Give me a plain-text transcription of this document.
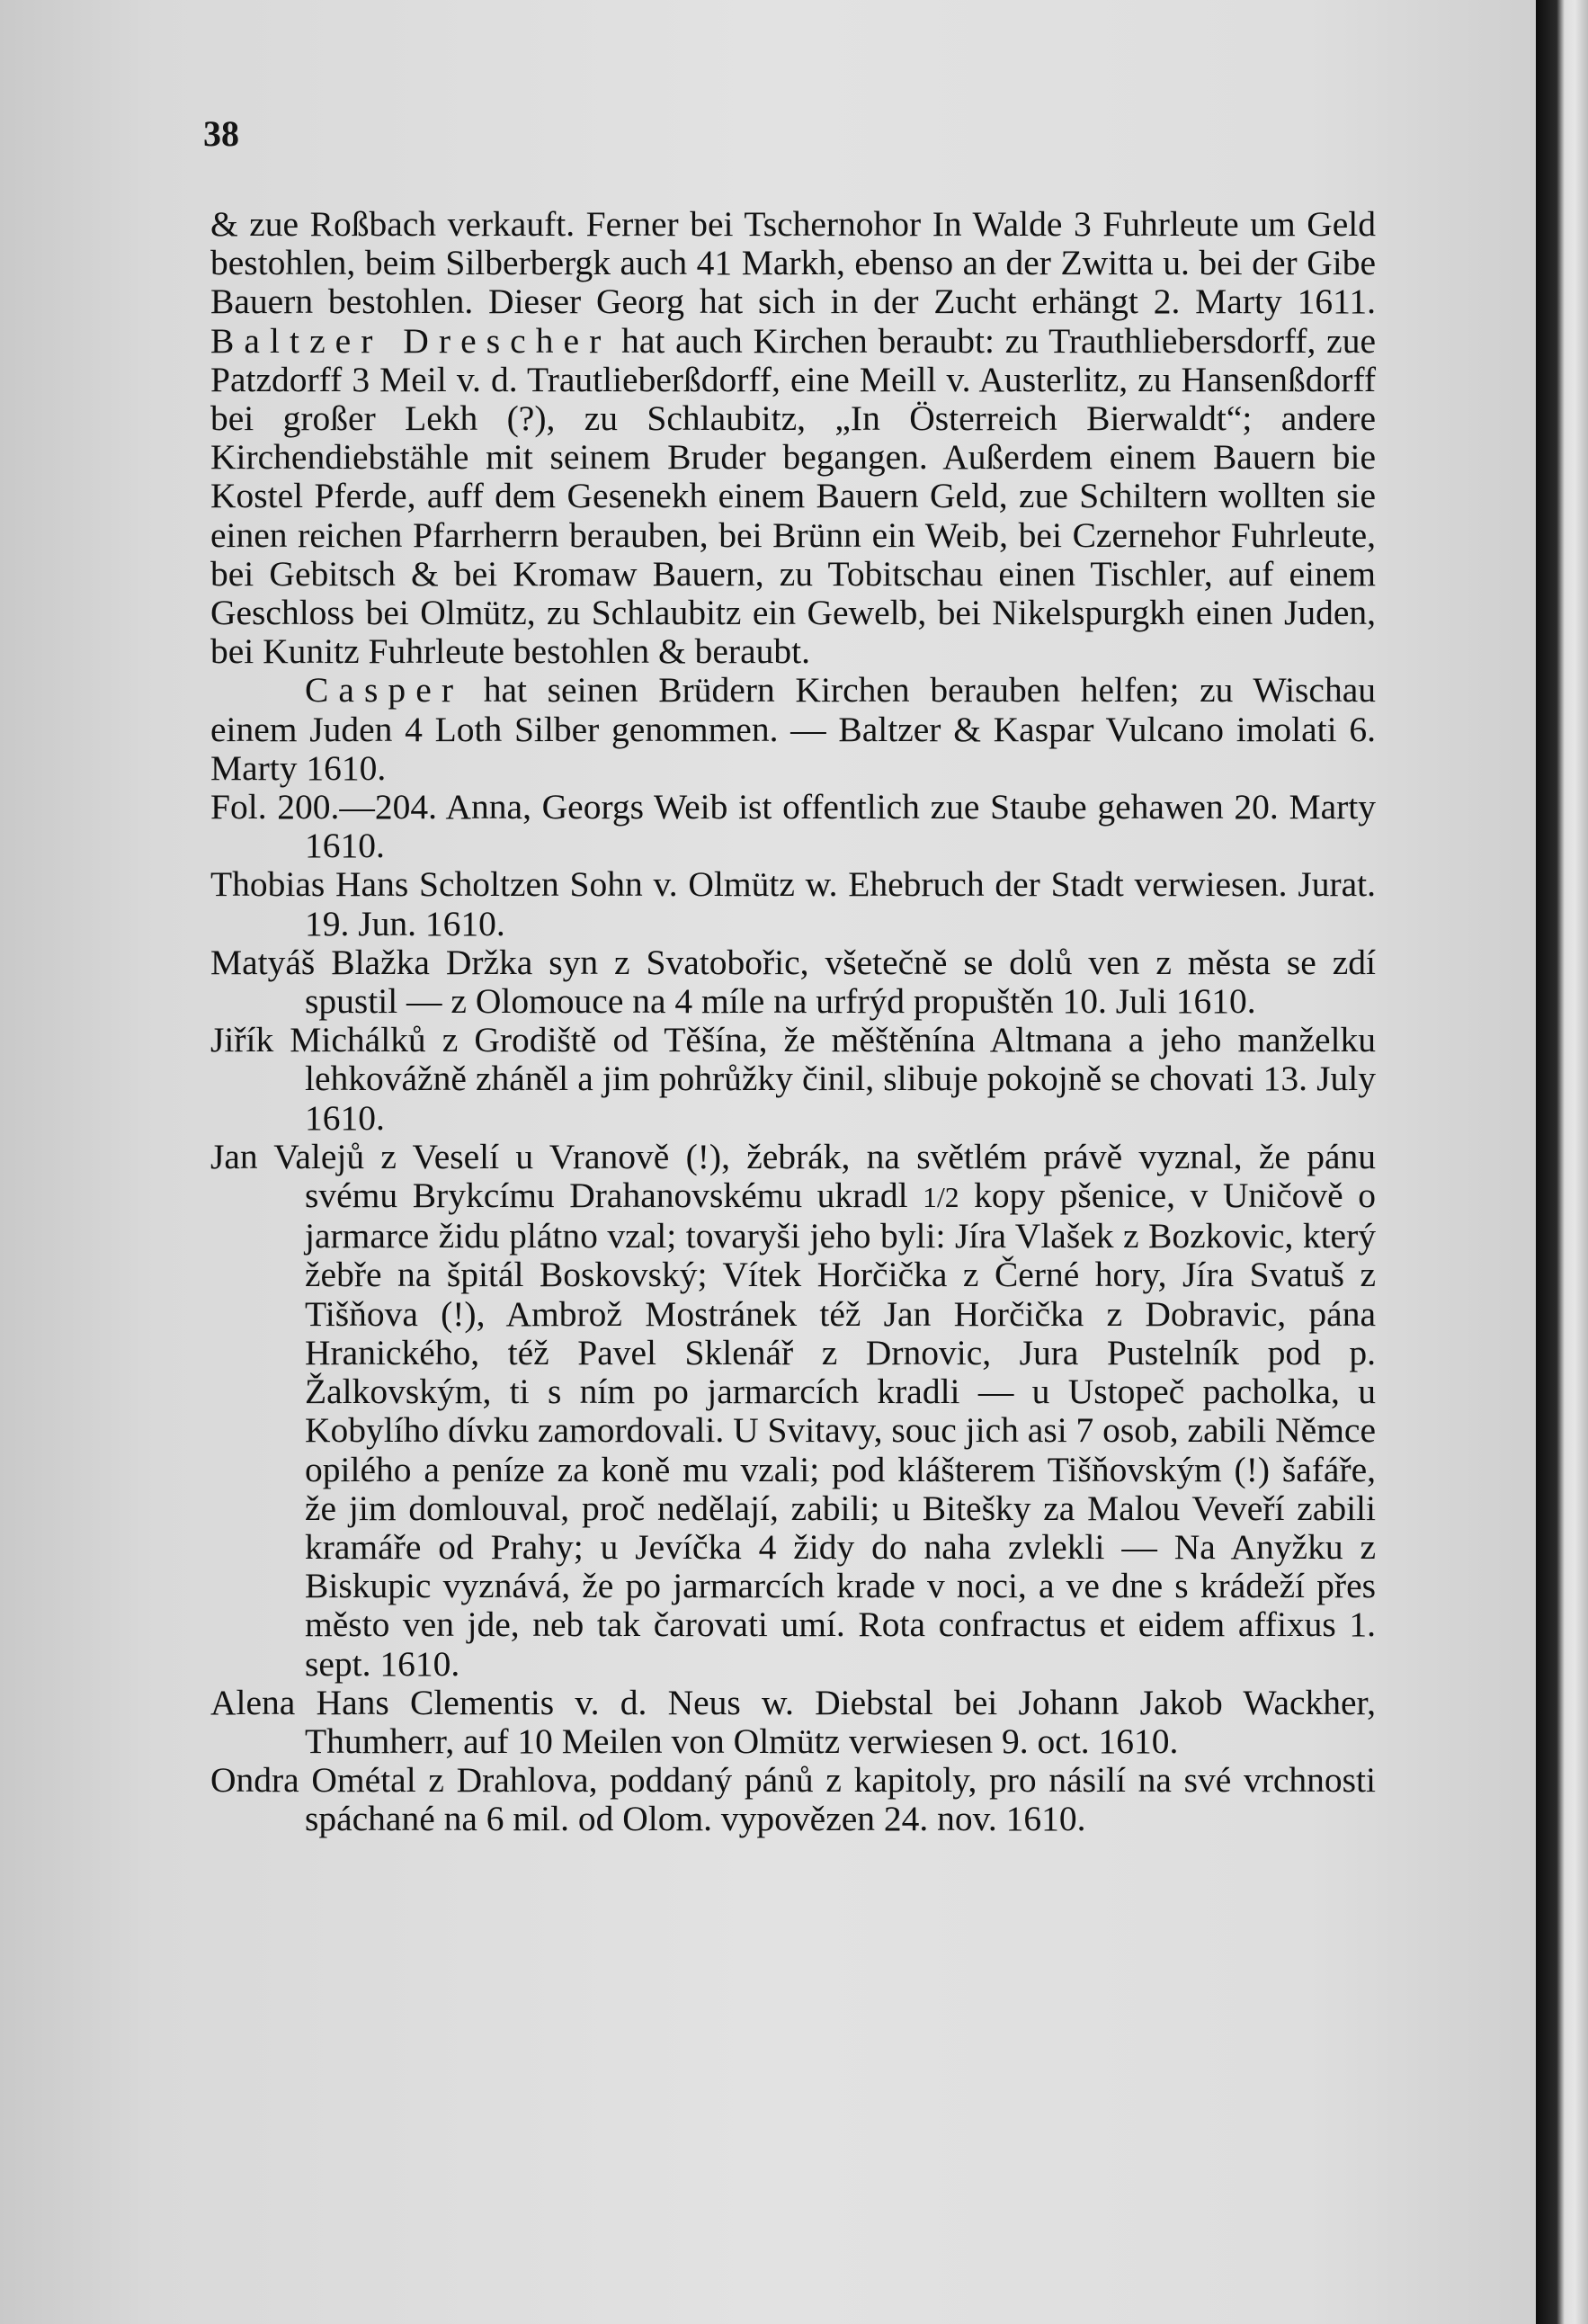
38

& zue Roßbach verkauft. Ferner bei Tschernohor In Walde 3 Fuhrleute um Geld bestohlen, beim Silberbergk auch 41 Markh, ebenso an der Zwitta u. bei der Gibe Bauern bestohlen. Dieser Georg hat sich in der Zucht erhängt 2. Marty 1611. Baltzer Drescher hat auch Kirchen beraubt: zu Trauthliebersdorff, zue Patzdorff 3 Meil v. d. Trautlieberßdorff, eine Meill v. Austerlitz, zu Hansenßdorff bei großer Lekh (?), zu Schlaubitz, „In Österreich Bierwaldt“; andere Kirchendiebstähle mit seinem Bruder begangen. Außerdem einem Bauern bie Kostel Pferde, auff dem Gesenekh einem Bauern Geld, zue Schiltern wollten sie einen reichen Pfarrherrn berauben, bei Brünn ein Weib, bei Czernehor Fuhrleute, bei Gebitsch & bei Kromaw Bauern, zu Tobitschau einen Tischler, auf einem Geschloss bei Olmütz, zu Schlaubitz ein Gewelb, bei Nikelspurgkh einen Juden, bei Kunitz Fuhrleute bestohlen & beraubt.

Casper hat seinen Brüdern Kirchen berauben helfen; zu Wischau einem Juden 4 Loth Silber genommen. — Baltzer & Kaspar Vulcano imolati 6. Marty 1610.

Fol. 200.—204. Anna, Georgs Weib ist offentlich zue Staube gehawen 20. Marty 1610.

Thobias Hans Scholtzen Sohn v. Olmütz w. Ehebruch der Stadt verwiesen. Jurat. 19. Jun. 1610.

Matyáš Blažka Držka syn z Svatobořic, všetečně se dolů ven z města se zdí spustil — z Olomouce na 4 míle na urfrýd propuštěn 10. Juli 1610.

Jiřík Michálků z Grodiště od Těšína, že měštěnína Altmana a jeho manželku lehkovážně zháněl a jim pohrůžky činil, slibuje pokojně se chovati 13. July 1610.

Jan Valejů z Veselí u Vranově (!), žebrák, na světlém právě vyznal, že pánu svému Brykcímu Drahanovskému ukradl 1/2 kopy pšenice, v Uničově o jarmarce židu plátno vzal; tovaryši jeho byli: Jíra Vlašek z Bozkovic, který žebře na špitál Boskovský; Vítek Horčička z Černé hory, Jíra Svatuš z Tišňova (!), Ambrož Mostránek též Jan Horčička z Dobravic, pána Hranického, též Pavel Sklenář z Drnovic, Jura Pustelník pod p. Žalkovským, ti s ním po jarmarcích kradli — u Ustopeč pacholka, u Kobylího dívku zamordovali. U Svitavy, souc jich asi 7 osob, zabili Němce opilého a peníze za koně mu vzali; pod klášterem Tišňovským (!) šafáře, že jim domlouval, proč nedělají, zabili; u Bitešky za Malou Veveří zabili kramáře od Prahy; u Jevíčka 4 židy do naha zvlekli — Na Anyžku z Biskupic vyznává, že po jarmarcích krade v noci, a ve dne s krádeží přes město ven jde, neb tak čarovati umí. Rota confractus et eidem affixus 1. sept. 1610.

Alena Hans Clementis v. d. Neus w. Diebstal bei Johann Jakob Wackher, Thumherr, auf 10 Meilen von Olmütz verwiesen 9. oct. 1610.

Ondra Ométal z Drahlova, poddaný pánů z kapitoly, pro násilí na své vrchnosti spáchané na 6 mil. od Olom. vypovězen 24. nov. 1610.
